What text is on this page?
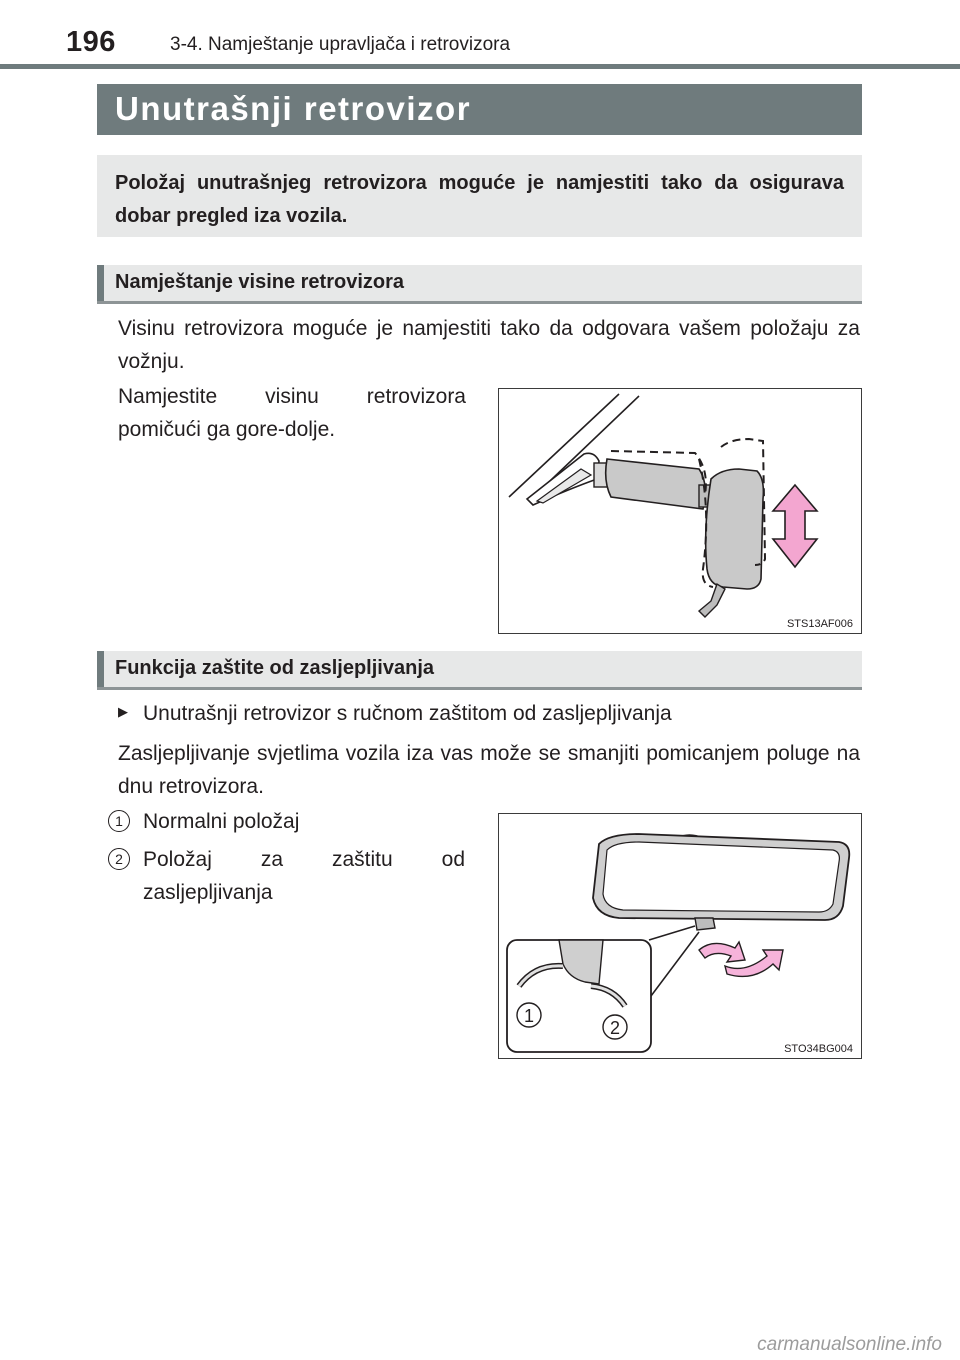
196	3-4. Namještanje upravljača i retrovizora
Unutrašnji retrovizor

Položaj unutrašnjeg retrovizora moguće je namjestiti tako da osigurava dobar pregled iza vozila.

Namještanje visine retrovizora

Visinu retrovizora moguće je namjestiti tako da odgovara vašem položaju za vožnju.

Namjestite visinu retrovizora pomičući ga gore-dolje.

STS13AF006
Funkcija zaštite od zasljepljivanja
▶ Unutrašnji retrovizor s ručnom zaštitom od zasljepljivanja

Zasljepljivanje svjetlima vozila iza vas može se smanjiti pomicanjem poluge na dnu retrovizora.

1 Normalni položaj

2 Položaj za zaštitu od zasljepljivanja

1
2
STO34BG004
carmanualsonline.info
